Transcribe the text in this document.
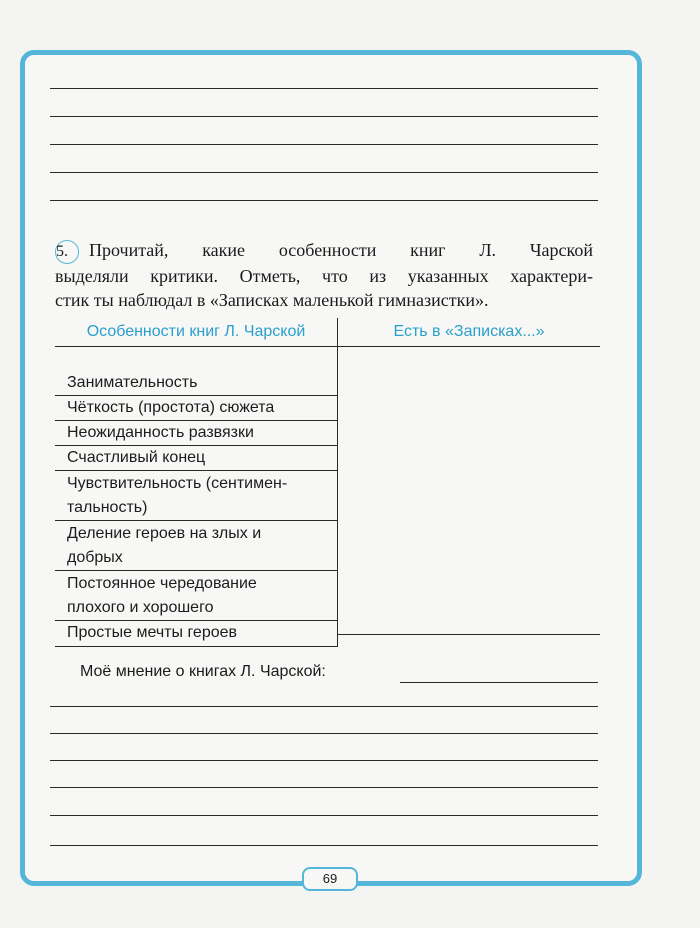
5. Прочитай, какие особенности книг Л. Чарской
выделяли критики. Отметь, что из указанных характери-
стик ты наблюдал в «Записках маленькой гимназистки».
Особенности книг Л. Чарской	Есть в «Записках...»
Занимательность	
Чёткость (простота) сюжета	
Неожиданность развязки	
Счастливый конец	
Чувствительность (сентимен-
тальность)	
Деление героев на злых и
добрых	
Постоянное чередование
плохого и хорошего	
Простые мечты героев	
Моё мнение о книгах Л. Чарской:
69
